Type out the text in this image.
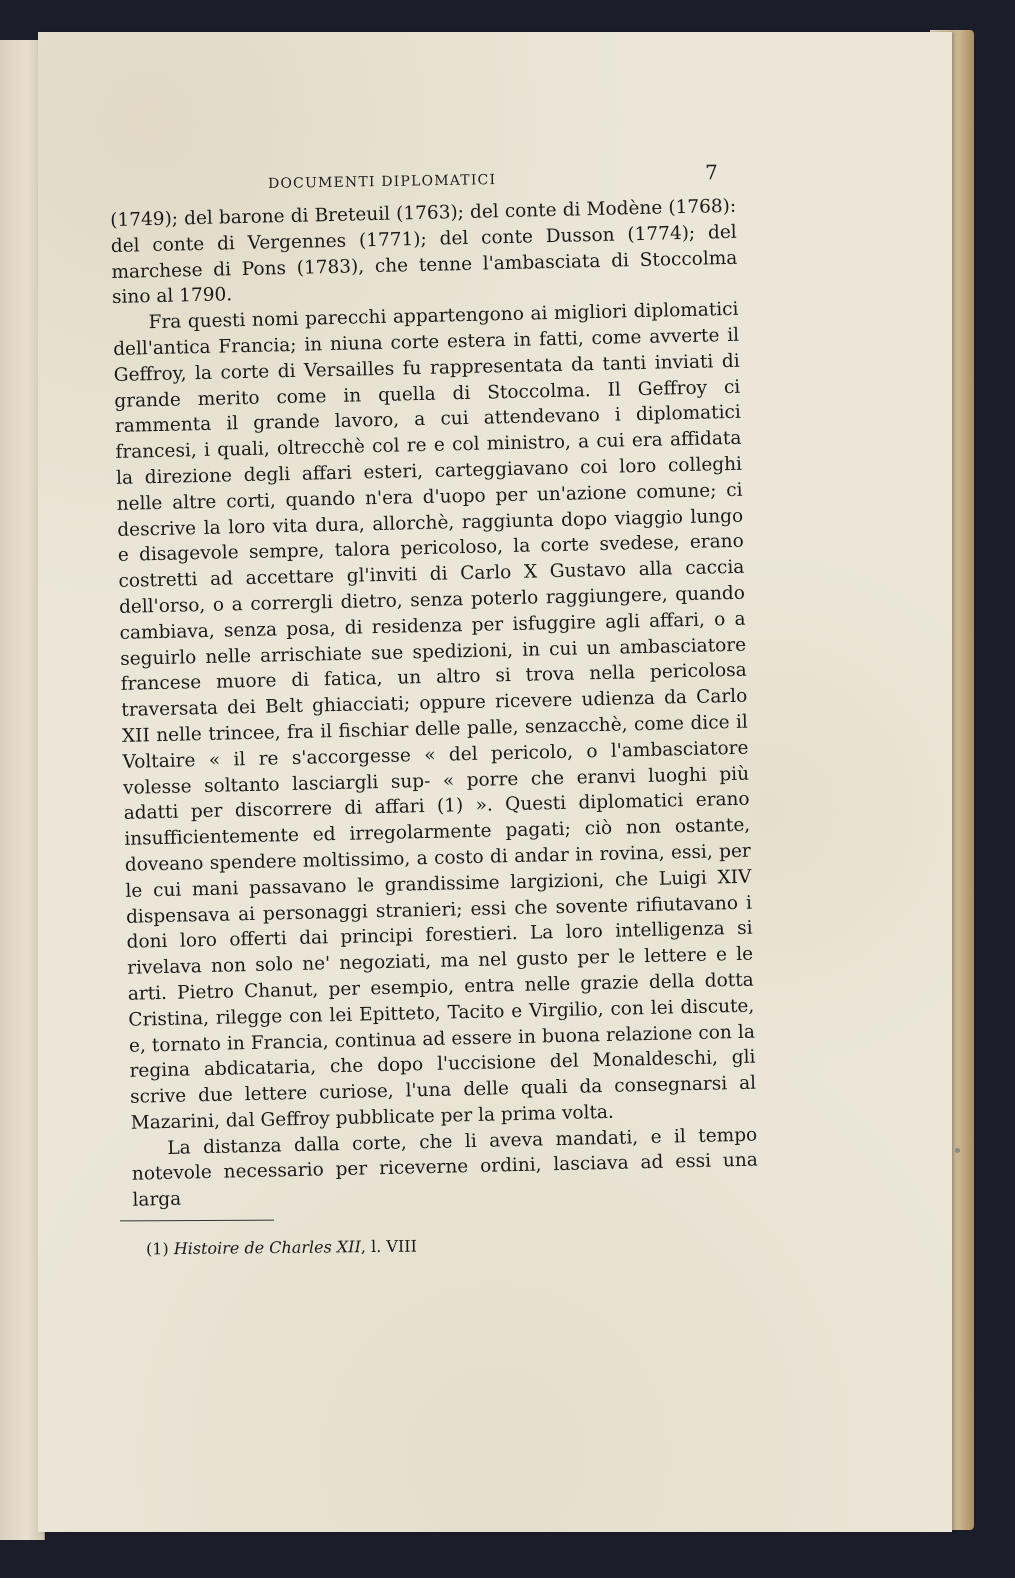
DOCUMENTI DIPLOMATICI	7

(1749); del barone di Breteuil (1763); del conte di Modène (1768): del conte di Vergennes (1771); del conte Dusson (1774); del marchese di Pons (1783), che tenne l'ambasciata di Stoccolma sino al 1790.

Fra questi nomi parecchi appartengono ai migliori diplomatici dell'antica Francia; in niuna corte estera in fatti, come avverte il Geffroy, la corte di Versailles fu rappresentata da tanti inviati di grande merito come in quella di Stoccolma. Il Geffroy ci rammenta il grande lavoro, a cui attendevano i diplomatici francesi, i quali, oltrecchè col re e col ministro, a cui era affidata la direzione degli affari esteri, carteggiavano coi loro colleghi nelle altre corti, quando n'era d'uopo per un'azione comune; ci descrive la loro vita dura, allorchè, raggiunta dopo viaggio lungo e disagevole sempre, talora pericoloso, la corte svedese, erano costretti ad accettare gl'inviti di Carlo X Gustavo alla caccia dell'orso, o a corrergli dietro, senza poterlo raggiungere, quando cambiava, senza posa, di residenza per isfuggire agli affari, o a seguirlo nelle arrischiate sue spedizioni, in cui un ambasciatore francese muore di fatica, un altro si trova nella pericolosa traversata dei Belt ghiacciati; oppure ricevere udienza da Carlo XII nelle trincee, fra il fischiar delle palle, senzacchè, come dice il Voltaire « il re s'accorgesse « del pericolo, o l'ambasciatore volesse soltanto lasciargli sup- « porre che eranvi luoghi più adatti per discorrere di affari (1) ». Questi diplomatici erano insufficientemente ed irregolarmente pagati; ciò non ostante, doveano spendere moltissimo, a costo di andar in rovina, essi, per le cui mani passavano le grandissime largizioni, che Luigi XIV dispensava ai personaggi stranieri; essi che sovente rifiutavano i doni loro offerti dai principi forestieri. La loro intelligenza si rivelava non solo ne' negoziati, ma nel gusto per le lettere e le arti. Pietro Chanut, per esempio, entra nelle grazie della dotta Cristina, rilegge con lei Epitteto, Tacito e Virgilio, con lei discute, e, tornato in Francia, continua ad essere in buona relazione con la regina abdicataria, che dopo l'uccisione del Monaldeschi, gli scrive due lettere curiose, l'una delle quali da consegnarsi al Mazarini, dal Geffroy pubblicate per la prima volta.

La distanza dalla corte, che li aveva mandati, e il tempo notevole necessario per riceverne ordini, lasciava ad essi una larga

(1) Histoire de Charles XII, l. VIII
